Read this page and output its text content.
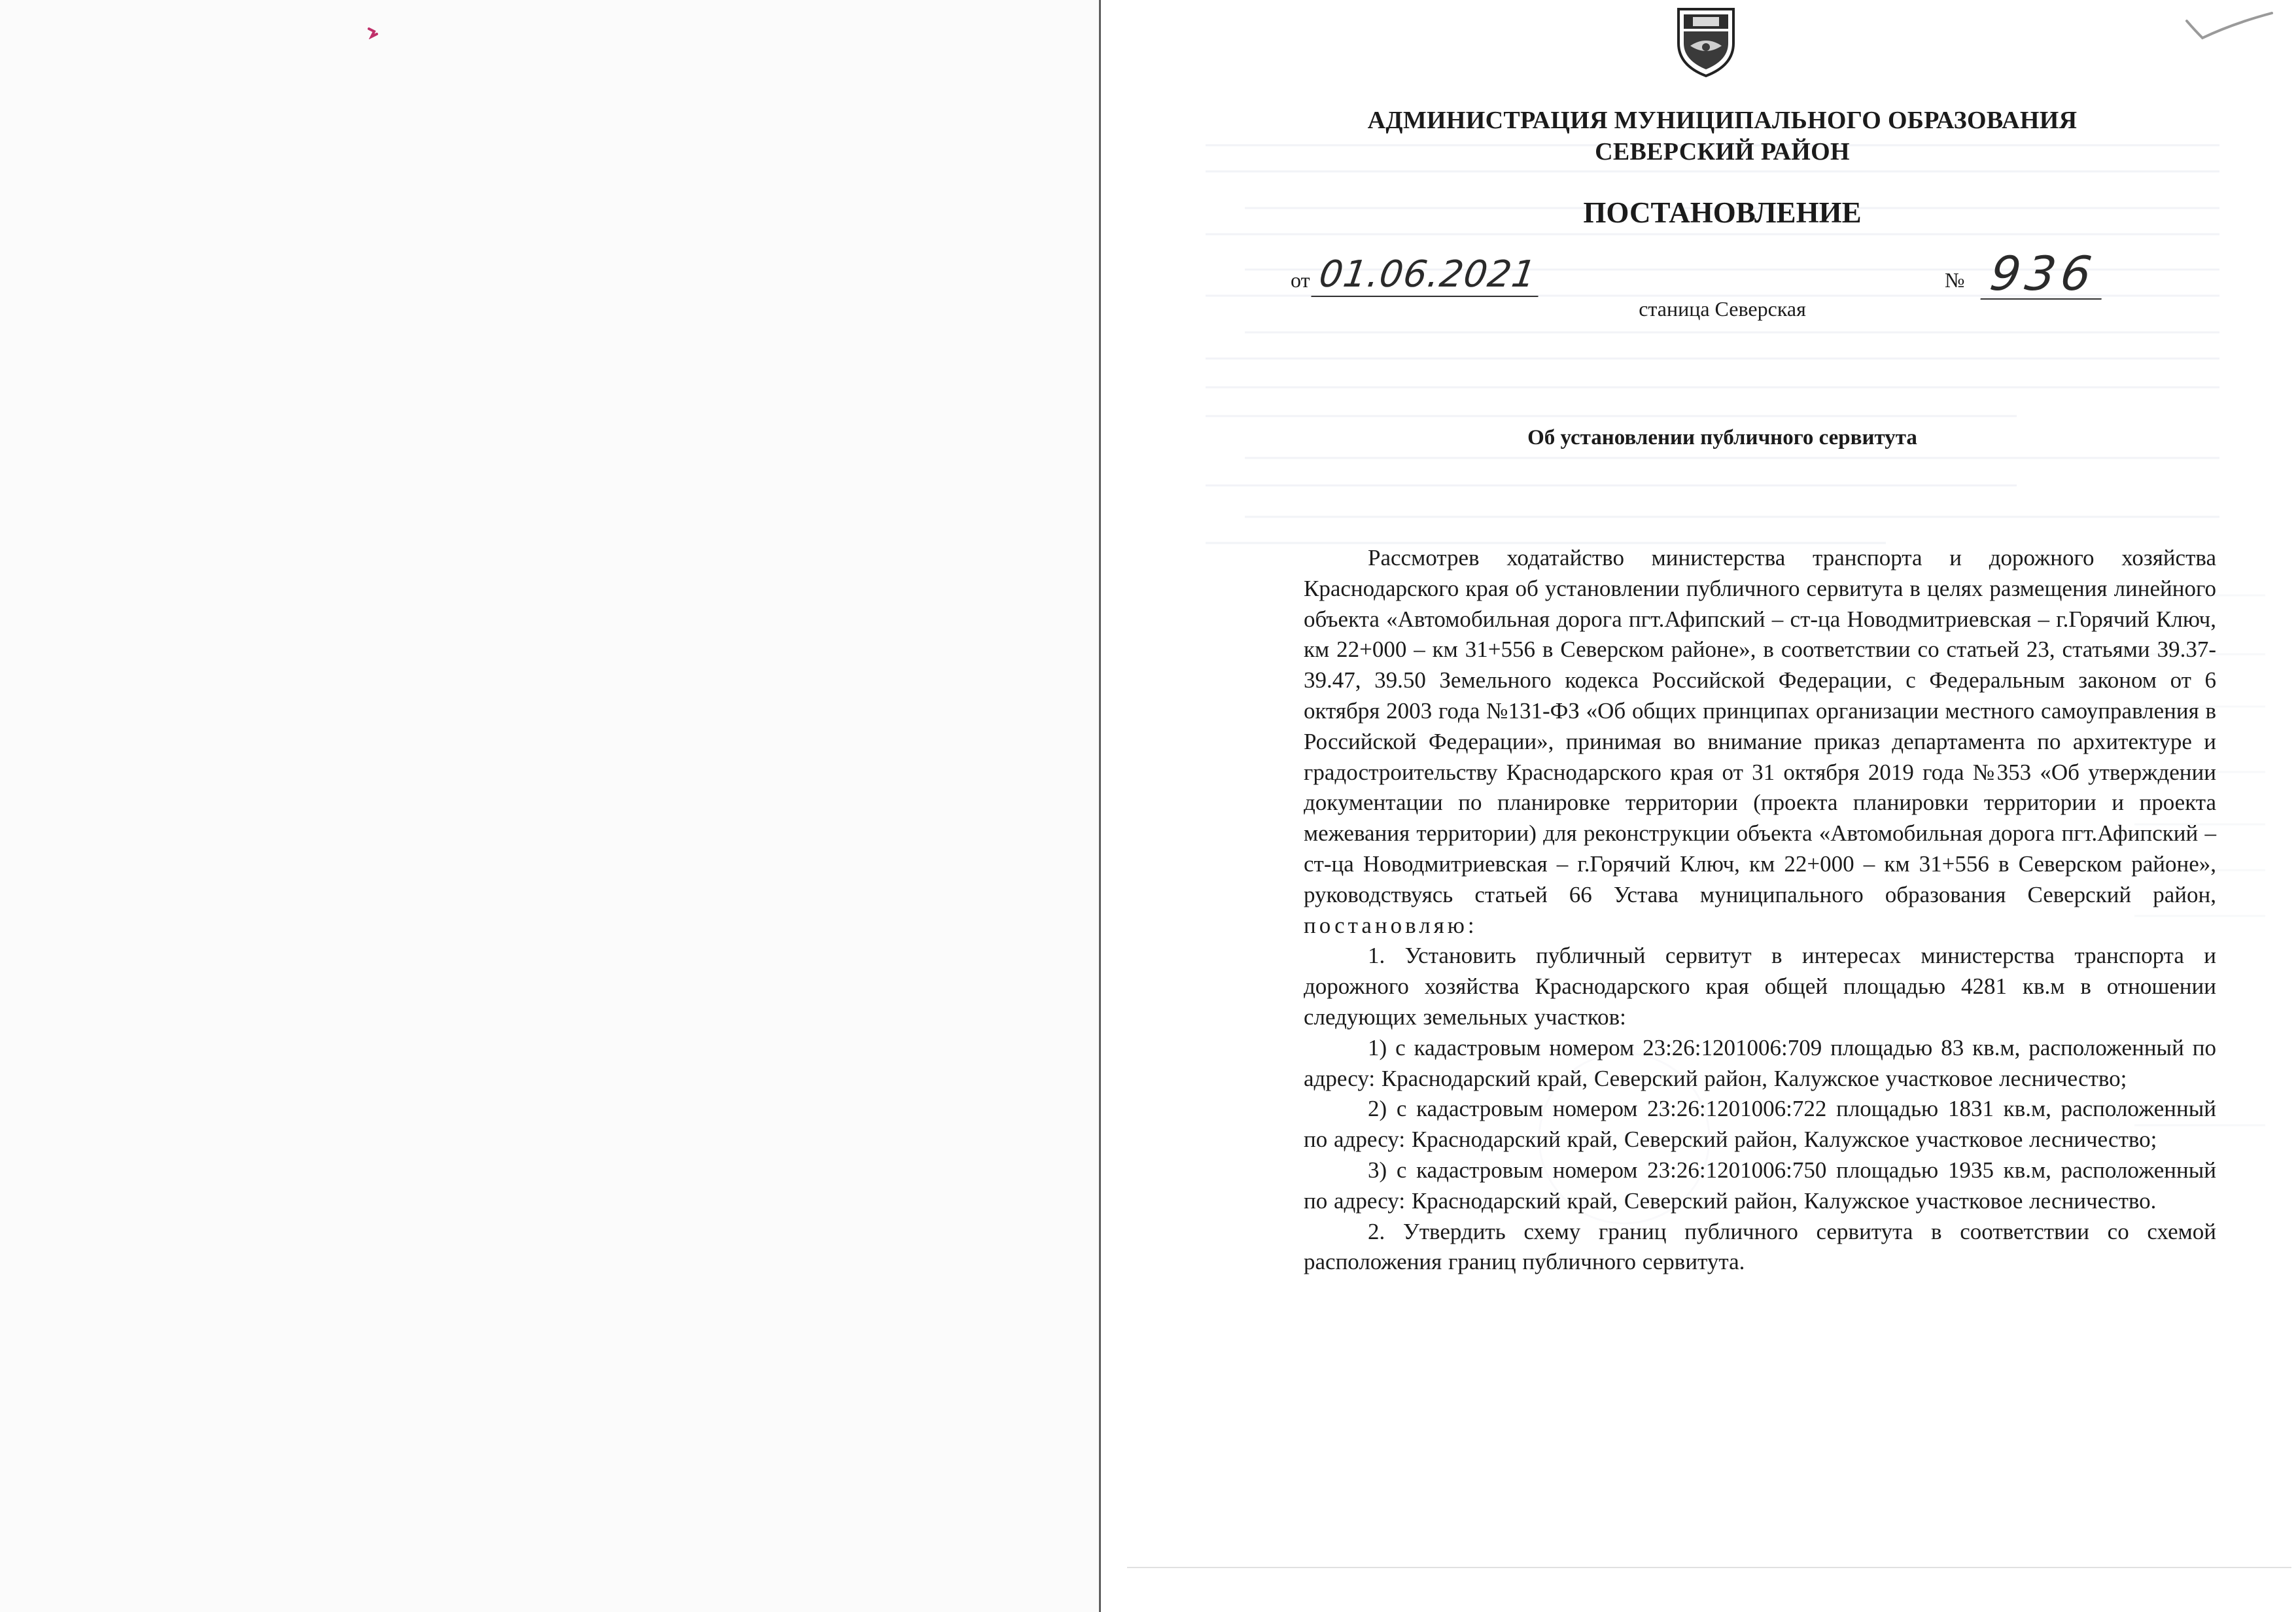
АДМИНИСТРАЦИЯ МУНИЦИПАЛЬНОГО ОБРАЗОВАНИЯ
СЕВЕРСКИЙ РАЙОН
ПОСТАНОВЛЕНИЕ
от 01.06.2021	№ 936
станица Северская
Об установлении публичного сервитута

Рассмотрев ходатайство министерства транспорта и дорожного хозяйства Краснодарского края об установлении публичного сервитута в целях размещения линейного объекта «Автомобильная дорога пгт.Афипский – ст-ца Новодмитриевская – г.Горячий Ключ, км 22+000 – км 31+556 в Северском районе», в соответствии со статьей 23, статьями 39.37-39.47, 39.50 Земельного кодекса Российской Федерации, с Федеральным законом от 6 октября 2003 года №131-ФЗ «Об общих принципах организации местного самоуправления в Российской Федерации», принимая во внимание приказ департамента по архитектуре и градостроительству Краснодарского края от 31 октября 2019 года №353 «Об утверждении документации по планировке территории (проекта планировки территории и проекта межевания территории) для реконструкции объекта «Автомобильная дорога пгт.Афипский – ст-ца Новодмитриевская – г.Горячий Ключ, км 22+000 – км 31+556 в Северском районе», руководствуясь статьей 66 Устава муниципального образования Северский район, постановляю:

1. Установить публичный сервитут в интересах министерства транспорта и дорожного хозяйства Краснодарского края общей площадью 4281 кв.м в отношении следующих земельных участков:

1) с кадастровым номером 23:26:1201006:709 площадью 83 кв.м, расположенный по адресу: Краснодарский край, Северский район, Калужское участковое лесничество;

2) с кадастровым номером 23:26:1201006:722 площадью 1831 кв.м, расположенный по адресу: Краснодарский край, Северский район, Калужское участковое лесничество;

3) с кадастровым номером 23:26:1201006:750 площадью 1935 кв.м, расположенный по адресу: Краснодарский край, Северский район, Калужское участковое лесничество.

2. Утвердить схему границ публичного сервитута в соответствии со схемой расположения границ публичного сервитута.
